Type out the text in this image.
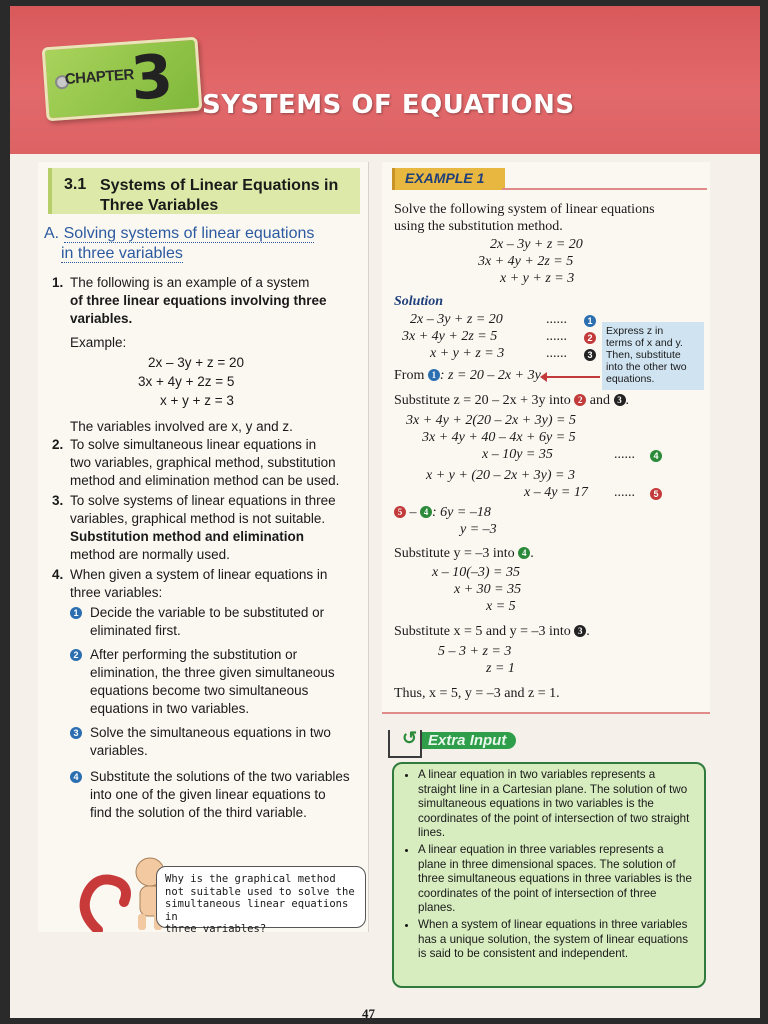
CHAPTER
3 SYSTEMS OF EQUATIONS
3.1 Systems of Linear Equations in Three Variables
A. Solving systems of linear equations
in three variables
1. The following is an example of a system
of three linear equations involving three
variables.
Example:
2x – 3y + z = 20
3x + 4y + 2z = 5
x + y + z = 3
The variables involved are x, y and z.
2. To solve simultaneous linear equations in
two variables, graphical method, substitution
method and elimination method can be used.
3. To solve systems of linear equations in three
variables, graphical method is not suitable.
Substitution method and elimination
method are normally used.
4. When given a system of linear equations in
three variables:
1 Decide the variable to be substituted or
eliminated first.
2 After performing the substitution or
elimination, the three given simultaneous
equations become two simultaneous
equations in two variables.
3 Solve the simultaneous equations in two
variables.
4 Substitute the solutions of the two variables
into one of the given linear equations to
find the solution of the third variable.
Why is the graphical method
not suitable used to solve the
simultaneous linear equations in
three variables?
EXAMPLE 1
Solve the following system of linear equations
using the substitution method.
2x – 3y + z = 20
3x + 4y + 2z = 5
x + y + z = 3
Solution
2x – 3y + z = 20	......	1
3x + 4y + 2z = 5	......	2
x + y + z = 3	......	3
Express z in
terms of x and y.
Then, substitute
into the other two
equations.
From 1 : z = 20 – 2x + 3y
Substitute z = 20 – 2x + 3y into 2 and 3 .
3x + 4y + 2(20 – 2x + 3y) = 5
3x + 4y + 40 – 4x + 6y = 5
x – 10y = 35	......	4
x + y + (20 – 2x + 3y) = 3
x – 4y = 17 ......	5
5 – 4 : 6y = –18
y = –3
Substitute y = –3 into 4 .
x – 10(–3) = 35
x + 30 = 35
x = 5
Substitute x = 5 and y = –3 into 3 .
5 – 3 + z = 3
z = 1
Thus, x = 5, y = –3 and z = 1.
↺ Extra Input
• A linear equation in two variables represents a straight line in a Cartesian plane. The solution of two simultaneous equations in two variables is the coordinates of the point of intersection of two straight lines.
• A linear equation in three variables represents a plane in three dimensional spaces. The solution of three simultaneous equations in three variables is the coordinates of the point of intersection of three planes.
• When a system of linear equations in three variables has a unique solution, the system of linear equations is said to be consistent and independent.
47
